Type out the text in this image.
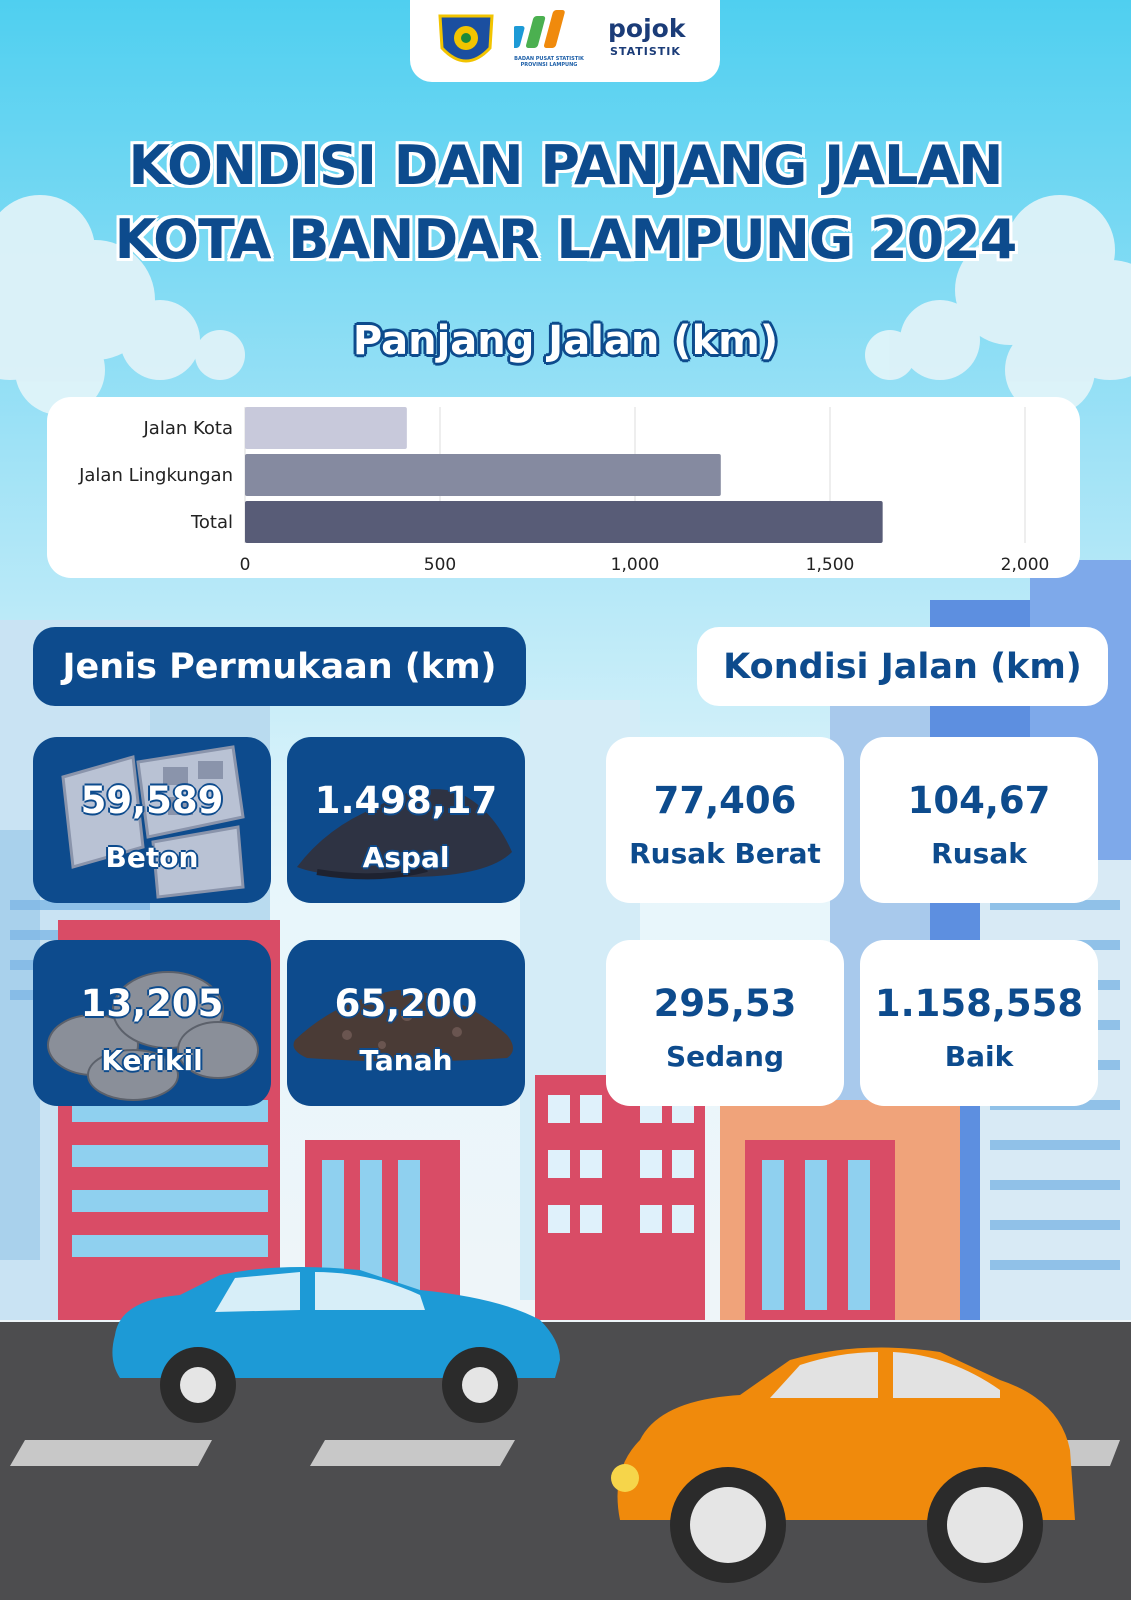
BADAN PUSAT STATISTIK PROVINSI LAMPUNG
pojok
STATISTIK
KONDISI DAN PANJANG JALAN
KOTA BANDAR LAMPUNG 2024
Panjang Jalan (km)
0	500	1,000	1,500	2,000
Jalan Kota
Jalan Lingkungan
Total
Jenis Permukaan (km)	Kondisi Jalan (km)
59,589
Beton
1.498,17
Aspal
13,205
Kerikil
65,200
Tanah
77,406
Rusak Berat
104,67
Rusak
295,53
Sedang
1.158,558
Baik
